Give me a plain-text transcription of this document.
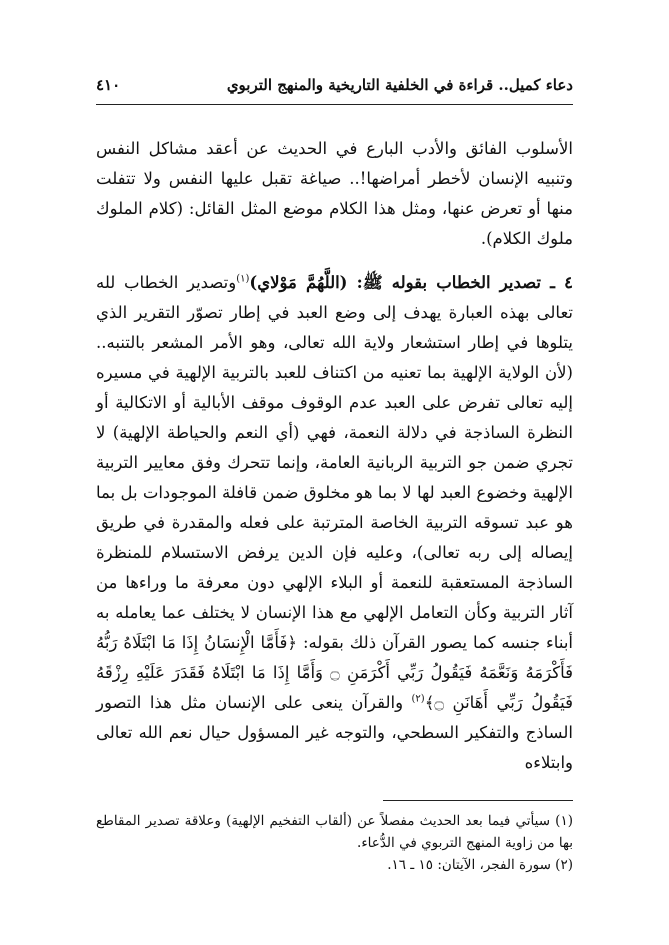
دعاء كميل.. قراءة في الخلفية التاريخية والمنهج التربوي
٤١٠

الأسلوب الفائق والأدب البارع في الحديث عن أعقد مشاكل النفس وتنبيه الإنسان لأخطر أمراضها!.. صياغة تقبل عليها النفس ولا تتفلت منها أو تعرض عنها، ومثل هذا الكلام موضع المثل القائل: (كلام الملوك ملوك الكلام).

٤ ـ تصدير الخطاب بقوله ﷺ: (اللَّهُمَّ مَوْلاي)$^{(١)}$وتصدير الخطاب لله تعالى بهذه العبارة يهدف إلى وضع العبد في إطار تصوّر التقرير الذي يتلوها في إطار استشعار ولاية الله تعالى، وهو الأمر المشعر بالتنبه.. (لأن الولاية الإلهية بما تعنيه من اكتناف للعبد بالتربية الإلهية في مسيره إليه تعالى تفرض على العبد عدم الوقوف موقف الأبالية أو الاتكالية أو النظرة الساذجة في دلالة النعمة، فهي (أي النعم والحياطة الإلهية) لا تجري ضمن جو التربية الربانية العامة، وإنما تتحرك وفق معايير التربية الإلهية وخضوع العبد لها لا بما هو مخلوق ضمن قافلة الموجودات بل بما هو عبد تسوقه التربية الخاصة المترتبة على فعله والمقدرة في طريق إيصاله إلى ربه تعالى)، وعليه فإن الدين يرفض الاستسلام للمنظرة الساذجة المستعقبة للنعمة أو البلاء الإلهي دون معرفة ما وراءها من آثار التربية وكأن التعامل الإلهي مع هذا الإنسان لا يختلف عما يعامله به أبناء جنسه كما يصور القرآن ذلك بقوله: ﴿فَأَمَّا الْإِنسَانُ إِذَا مَا ابْتَلَاهُ رَبُّهُ فَأَكْرَمَهُ وَنَعَّمَهُ فَيَقُولُ رَبِّي أَكْرَمَنِ ۝ وَأَمَّا إِذَا مَا ابْتَلَاهُ فَقَدَرَ عَلَيْهِ رِزْقَهُ فَيَقُولُ رَبِّي أَهَانَنِ ۝﴾$^{(٢)}$ والقرآن ينعى على الإنسان مثل هذا التصور الساذج والتفكير السطحي، والتوجه غير المسؤول حيال نعم الله تعالى وابتلاءه

(١) سيأتي فيما بعد الحديث مفصلاً عن (ألقاب التفخيم الإلهية) وعلاقة تصدير المقاطع بها من زاوية المنهج التربوي في الدُّعاء.

(٢) سورة الفجر، الآيتان: ١٥ ـ ١٦.
